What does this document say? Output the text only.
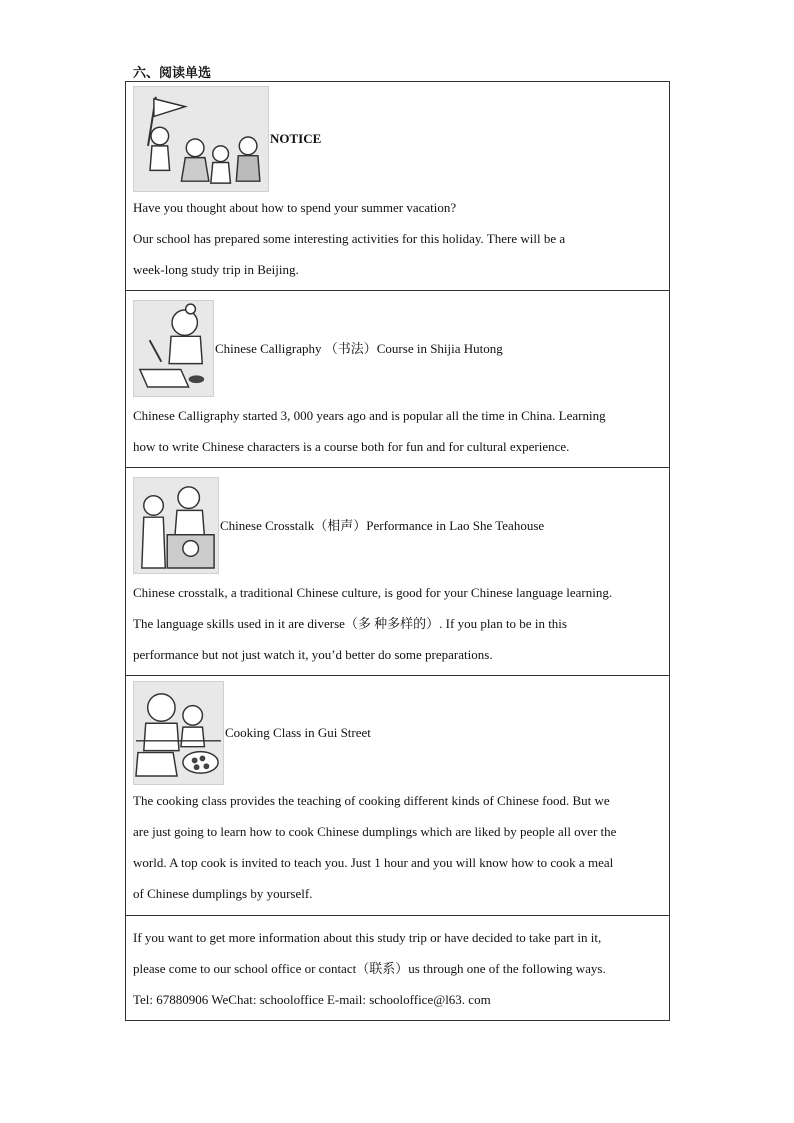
六、阅读单选
NOTICE

Have you thought about how to spend your summer vacation?

Our school has prepared some interesting activities for this holiday. There will be a

week-long study trip in Beijing.

Chinese Calligraphy （书法）Course in Shijia Hutong

Chinese Calligraphy started 3, 000 years ago and is popular all the time in China. Learning

how to write Chinese characters is a course both for fun and for cultural experience.

Chinese Crosstalk（相声）Performance in Lao She Teahouse

Chinese crosstalk, a traditional Chinese culture, is good for your Chinese language learning.

The language skills used in it are diverse（多 种多样的）. If you plan to be in this

performance but not just watch it, you’d better do some preparations.

Cooking Class in Gui Street

The cooking class provides the teaching of cooking different kinds of Chinese food. But we

are just going to learn how to cook Chinese dumplings which are liked by people all over the

world. A top cook is invited to teach you. Just 1 hour and you will know how to cook a meal

of Chinese dumplings by yourself.

If you want to get more information about this study trip or have decided to take part in it,

please come to our school office or contact（联系）us through one of the following ways.

Tel: 67880906 WeChat: schooloffice E-mail: schooloffice@l63. com
